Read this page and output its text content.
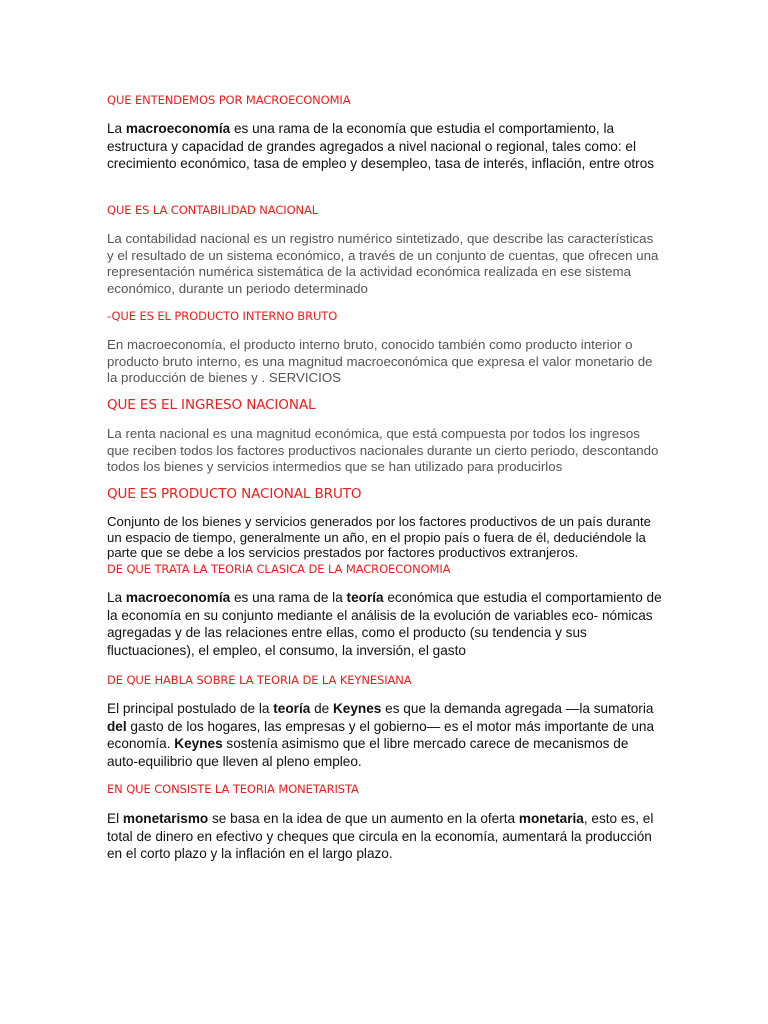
QUE ENTENDEMOS POR MACROECONOMIA
La macroeconomía es una rama de la economía que estudia el comportamiento, la estructura y capacidad de grandes agregados a nivel nacional o regional, tales como: el crecimiento económico, tasa de empleo y desempleo, tasa de interés, inflación, entre otros
QUE ES LA CONTABILIDAD NACIONAL
La contabilidad nacional es un registro numérico sintetizado, que describe las características y el resultado de un sistema económico, a través de un conjunto de cuentas, que ofrecen una representación numérica sistemática de la actividad económica realizada en ese sistema económico, durante un periodo determinado
-QUE ES EL PRODUCTO INTERNO BRUTO
En macroeconomía, el producto interno bruto, conocido también como producto interior o producto bruto interno, es una magnitud macroeconómica que expresa el valor monetario de la producción de bienes y . SERVICIOS
QUE ES EL INGRESO NACIONAL
La renta nacional es una magnitud económica, que está compuesta por todos los ingresos que reciben todos los factores productivos nacionales durante un cierto periodo, descontando todos los bienes y servicios intermedios que se han utilizado para producirlos
QUE ES PRODUCTO NACIONAL BRUTO
Conjunto de los bienes y servicios generados por los factores productivos de un país durante un espacio de tiempo, generalmente un año, en el propio país o fuera de él, deduciéndole la parte que se debe a los servicios prestados por factores productivos extranjeros.
DE QUE TRATA LA TEORIA CLASICA DE LA MACROECONOMIA
La macroeconomía es una rama de la teoría económica que estudia el comportamiento de la economía en su conjunto mediante el análisis de la evolución de variables eco- nómicas agregadas y de las relaciones entre ellas, como el producto (su tendencia y sus fluctuaciones), el empleo, el consumo, la inversión, el gasto
DE QUE HABLA SOBRE LA TEORIA DE LA KEYNESIANA
El principal postulado de la teoría de Keynes es que la demanda agregada —la sumatoria del gasto de los hogares, las empresas y el gobierno— es el motor más importante de una economía. Keynes sostenía asimismo que el libre mercado carece de mecanismos de auto-equilibrio que lleven al pleno empleo.
EN QUE CONSISTE LA TEORIA MONETARISTA
El monetarismo se basa en la idea de que un aumento en la oferta monetaria, esto es, el total de dinero en efectivo y cheques que circula en la economía, aumentará la producción en el corto plazo y la inflación en el largo plazo.
